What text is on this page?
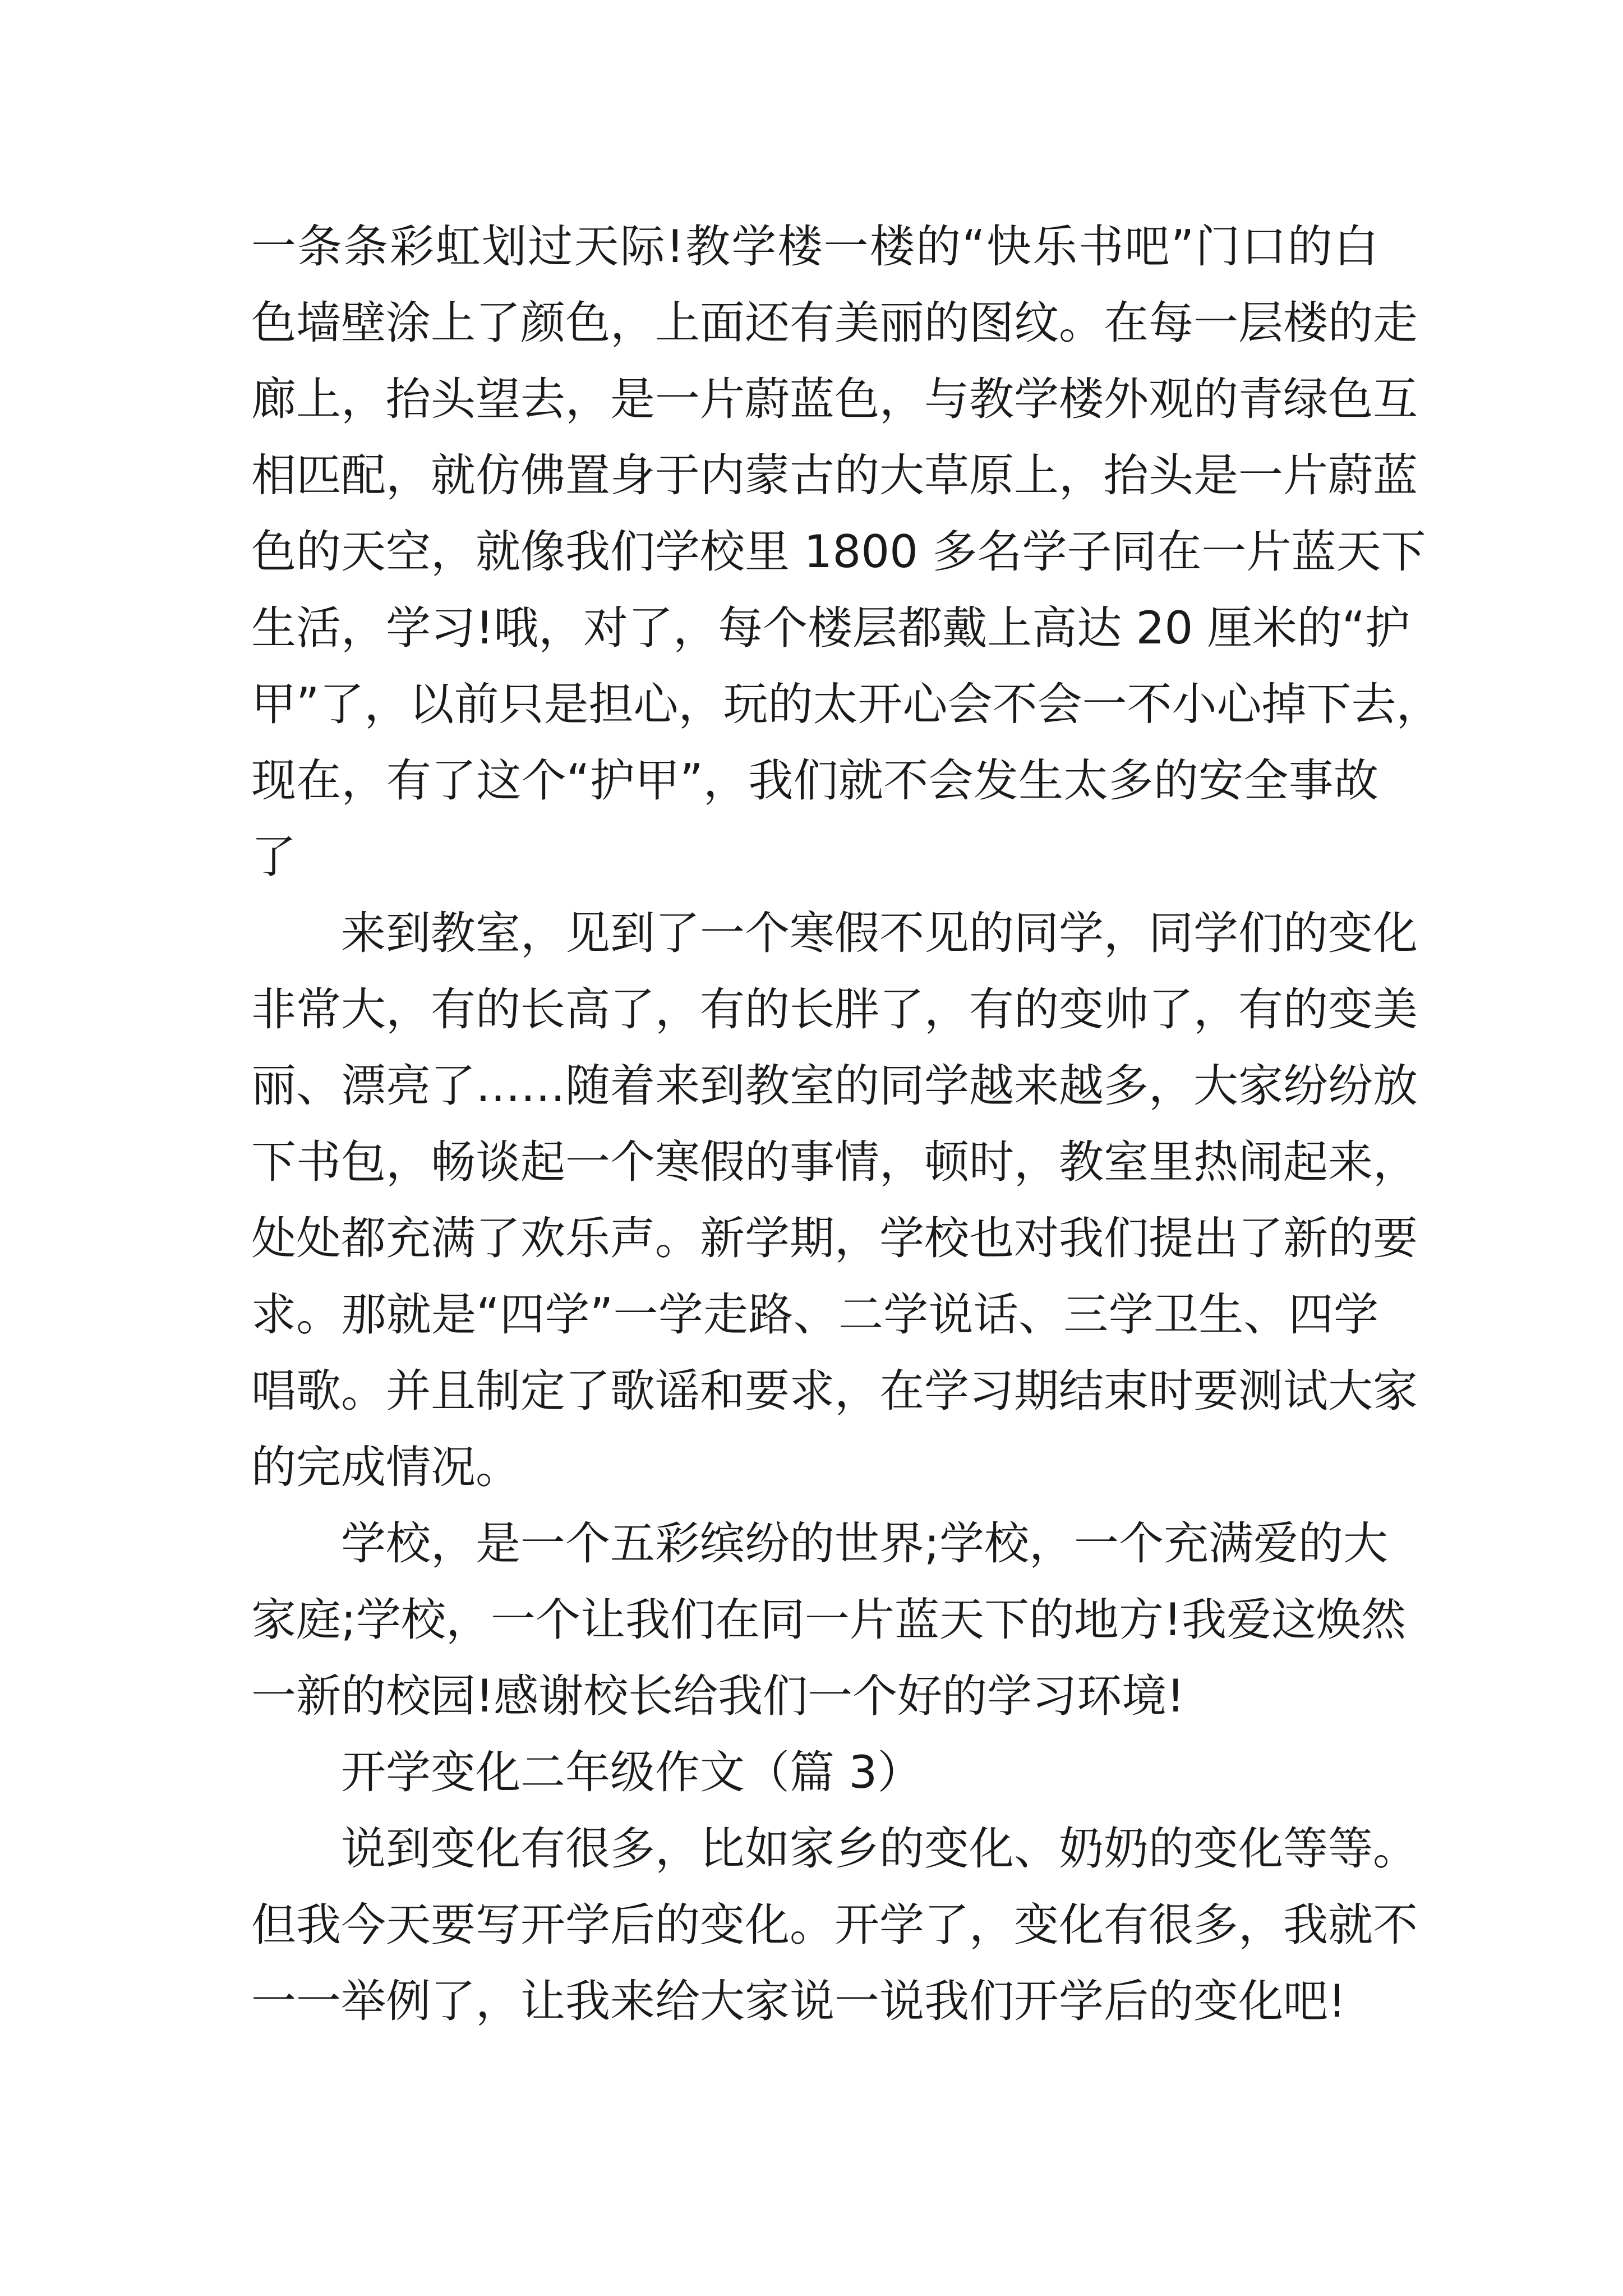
一条条彩虹划过天际!教学楼一楼的“快乐书吧”门口的白
色墙壁涂上了颜色，上面还有美丽的图纹。在每一层楼的走
廊上，抬头望去，是一片蔚蓝色，与教学楼外观的青绿色互
相匹配，就仿佛置身于内蒙古的大草原上，抬头是一片蔚蓝
色的天空，就像我们学校里 1800 多名学子同在一片蓝天下
生活，学习!哦，对了，每个楼层都戴上高达 20 厘米的“护
甲”了，以前只是担心，玩的太开心会不会一不小心掉下去，
现在，有了这个“护甲”，我们就不会发生太多的安全事故
了

　　来到教室，见到了一个寒假不见的同学，同学们的变化
非常大，有的长高了，有的长胖了，有的变帅了，有的变美
丽、漂亮了……随着来到教室的同学越来越多，大家纷纷放
下书包，畅谈起一个寒假的事情，顿时，教室里热闹起来，
处处都充满了欢乐声。新学期，学校也对我们提出了新的要
求。那就是“四学”一学走路、二学说话、三学卫生、四学
唱歌。并且制定了歌谣和要求，在学习期结束时要测试大家
的完成情况。

　　学校，是一个五彩缤纷的世界;学校，一个充满爱的大
家庭;学校，一个让我们在同一片蓝天下的地方!我爱这焕然
一新的校园!感谢校长给我们一个好的学习环境!

　　开学变化二年级作文（篇 3）

　　说到变化有很多，比如家乡的变化、奶奶的变化等等。
但我今天要写开学后的变化。开学了，变化有很多，我就不
一一举例了，让我来给大家说一说我们开学后的变化吧!
